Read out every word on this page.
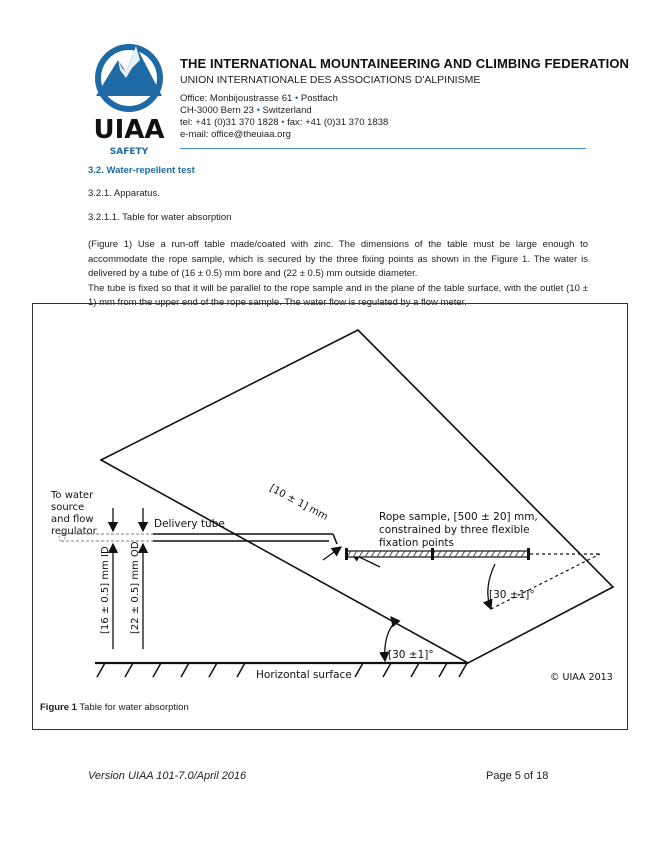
UIAA
SAFETY
THE INTERNATIONAL MOUNTAINEERING AND CLIMBING FEDERATION
UNION INTERNATIONALE DES ASSOCIATIONS D'ALPINISME
Office: Monbijoustrasse 61 • Postfach
CH-3000 Bern 23 • Switzerland
tel: +41 (0)31 370 1828 • fax: +41 (0)31 370 1838
e-mail: office@theuiaa.org
3.2. Water-repellent test
3.2.1. Apparatus.
3.2.1.1. Table for water absorption

(Figure 1) Use a run-off table made/coated with zinc. The dimensions of the table must be large enough to accommodate the rope sample, which is secured by the three fixing points as shown in the Figure 1. The water is delivered by a tube of (16 ± 0.5) mm bore and (22 ± 0.5) mm outside diameter.

The tube is fixed so that it will be parallel to the rope sample and in the plane of the table surface, with the outlet (10 ± 1) mm from the upper end of the rope sample. The water flow is regulated by a flow meter.

[16 ± 0.5] mm ID [22 ± 0.5] mm OD
To water
source
and flow
regulator
Delivery tube
[10 ± 1] mm	Rope sample, [500 ± 20] mm,
constrained by three flexible
fixation points
[30 ±1]°
[30 ±1]°
Horizontal surface	© UIAA 2013
Figure 1 Table for water absorption
Version UIAA 101-7.0/April 2016	Page 5 of 18
